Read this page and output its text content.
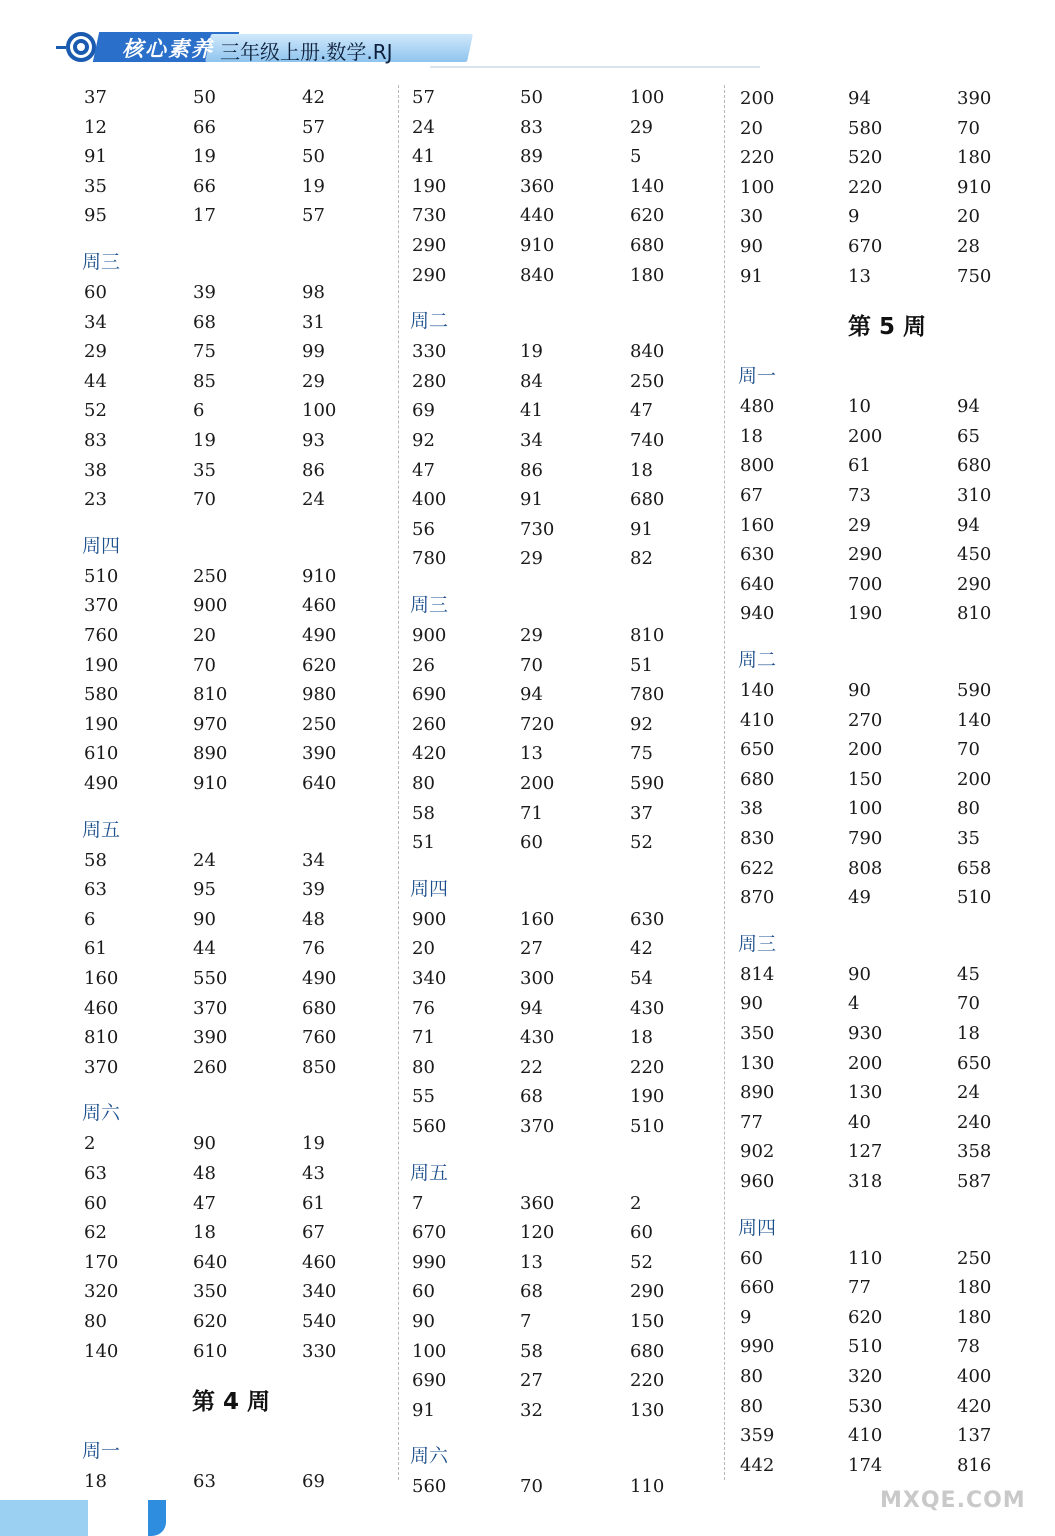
核心素养 三年级上册.数学.RJ
37	50	42
12	66	57
91	19	50
35	66	19
95	17	57
周三
60	39	98
34	68	31
29	75	99
44	85	29
52	6	100
83	19	93
38	35	86
23	70	24
周四
510	250	910
370	900	460
760	20	490
190	70	620
580	810	980
190	970	250
610	890	390
490	910	640
周五
58	24	34
63	95	39
6	90	48
61	44	76
160	550	490
460	370	680
810	390	760
370	260	850
周六
2	90	19
63	48	43
60	47	61
62	18	67
170	640	460
320	350	340
80	620	540
140	610	330
第 4 周
周一
18	63	69
57	50	100
24	83	29
41	89	5
190	360	140
730	440	620
290	910	680
290	840	180
周二
330	19	840
280	84	250
69	41	47
92	34	740
47	86	18
400	91	680
56	730	91
780	29	82
周三
900	29	810
26	70	51
690	94	780
260	720	92
420	13	75
80	200	590
58	71	37
51	60	52
周四
900	160	630
20	27	42
340	300	54
76	94	430
71	430	18
80	22	220
55	68	190
560	370	510
周五
7	360	2
670	120	60
990	13	52
60	68	290
90	7	150
100	58	680
690	27	220
91	32	130
周六
560	70	110
200	94	390
20	580	70
220	520	180
100	220	910
30	9	20
90	670	28
91	13	750
第 5 周
周一
480	10	94
18	200	65
800	61	680
67	73	310
160	29	94
630	290	450
640	700	290
940	190	810
周二
140	90	590
410	270	140
650	200	70
680	150	200
38	100	80
830	790	35
622	808	658
870	49	510
周三
814	90	45
90	4	70
350	930	18
130	200	650
890	130	24
77	40	240
902	127	358
960	318	587
周四
60	110	250
660	77	180
9	620	180
990	510	78
80	320	400
80	530	420
359	410	137
442	174	816
MXQE.COM
